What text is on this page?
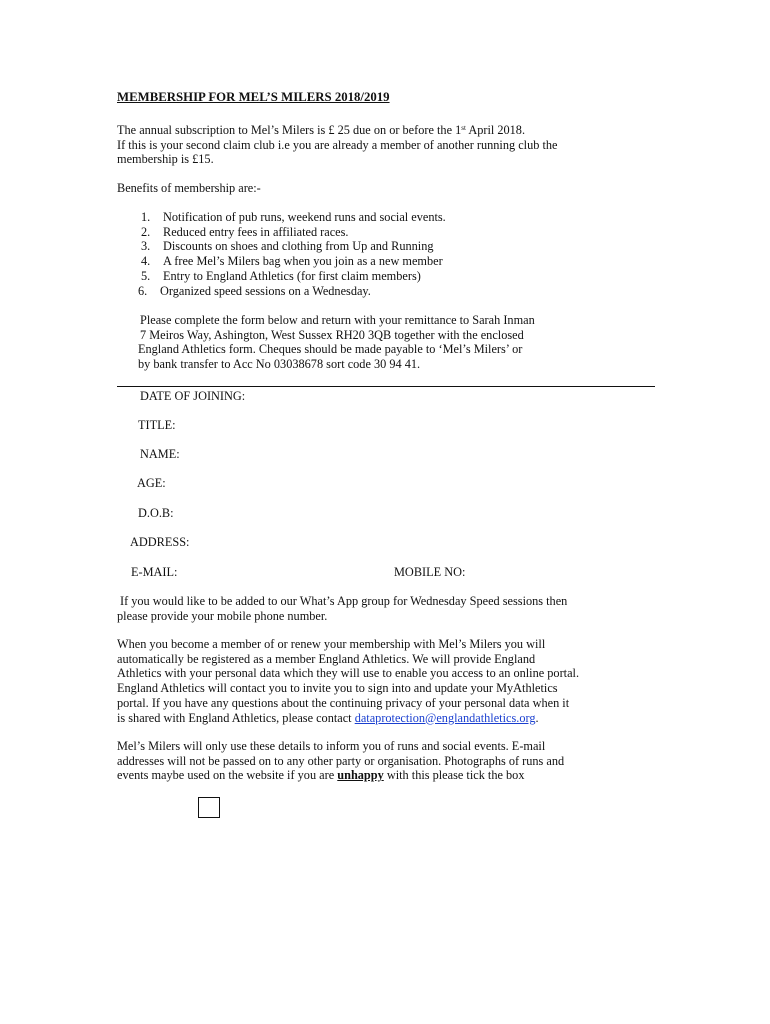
MEMBERSHIP FOR MEL’S MILERS 2018/2019
The annual subscription to Mel’s Milers is £ 25 due on or before the 1st April 2018.
If this is your second claim club i.e you are already a member of another running club the
membership is £15.
Benefits of membership are:-
1. Notification of pub runs, weekend runs and social events.
2. Reduced entry fees in affiliated races.
3. Discounts on shoes and clothing from Up and Running
4. A free Mel’s Milers bag when you join as a new member
5. Entry to England Athletics (for first claim members)
6. Organized speed sessions on a Wednesday.
Please complete the form below and return with your remittance to Sarah Inman
7 Meiros Way, Ashington, West Sussex RH20 3QB together with the enclosed
England Athletics form. Cheques should be made payable to ‘Mel’s Milers’ or
by bank transfer to Acc No 03038678 sort code 30 94 41.
DATE OF JOINING:
TITLE:
NAME:
AGE:
D.O.B:
ADDRESS:
E-MAIL:	MOBILE NO:
If you would like to be added to our What’s App group for Wednesday Speed sessions then
please provide your mobile phone number.
When you become a member of or renew your membership with Mel’s Milers you will
automatically be registered as a member England Athletics. We will provide England
Athletics with your personal data which they will use to enable you access to an online portal.
England Athletics will contact you to invite you to sign into and update your MyAthletics
portal. If you have any questions about the continuing privacy of your personal data when it
is shared with England Athletics, please contact dataprotection@englandathletics.org.
Mel’s Milers will only use these details to inform you of runs and social events. E-mail
addresses will not be passed on to any other party or organisation. Photographs of runs and
events maybe used on the website if you are unhappy with this please tick the box
